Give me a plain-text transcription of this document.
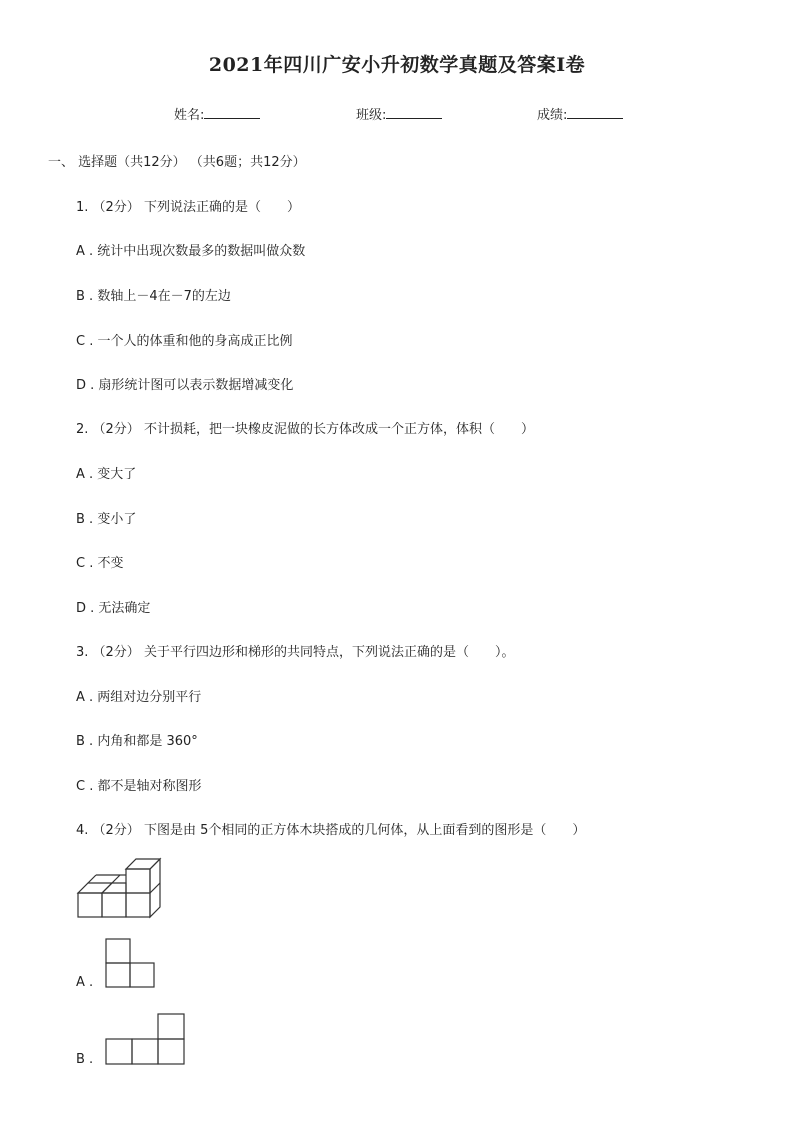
2021年四川广安小升初数学真题及答案Ⅰ卷
姓名:	班级:	成绩:
一、 选择题（共12分） （共6题；共12分）
1. （2分） 下列说法正确的是（　　）
A . 统计中出现次数最多的数据叫做众数
B . 数轴上－4在－7的左边
C . 一个人的体重和他的身高成正比例
D . 扇形统计图可以表示数据增减变化
2. （2分） 不计损耗，把一块橡皮泥做的长方体改成一个正方体，体积（　　）
A . 变大了
B . 变小了
C . 不变
D . 无法确定
3. （2分） 关于平行四边形和梯形的共同特点，下列说法正确的是（　　）。
A . 两组对边分别平行
B . 内角和都是 360°
C . 都不是轴对称图形
4. （2分） 下图是由 5个相同的正方体木块搭成的几何体，从上面看到的图形是（　　）
A .
B .
